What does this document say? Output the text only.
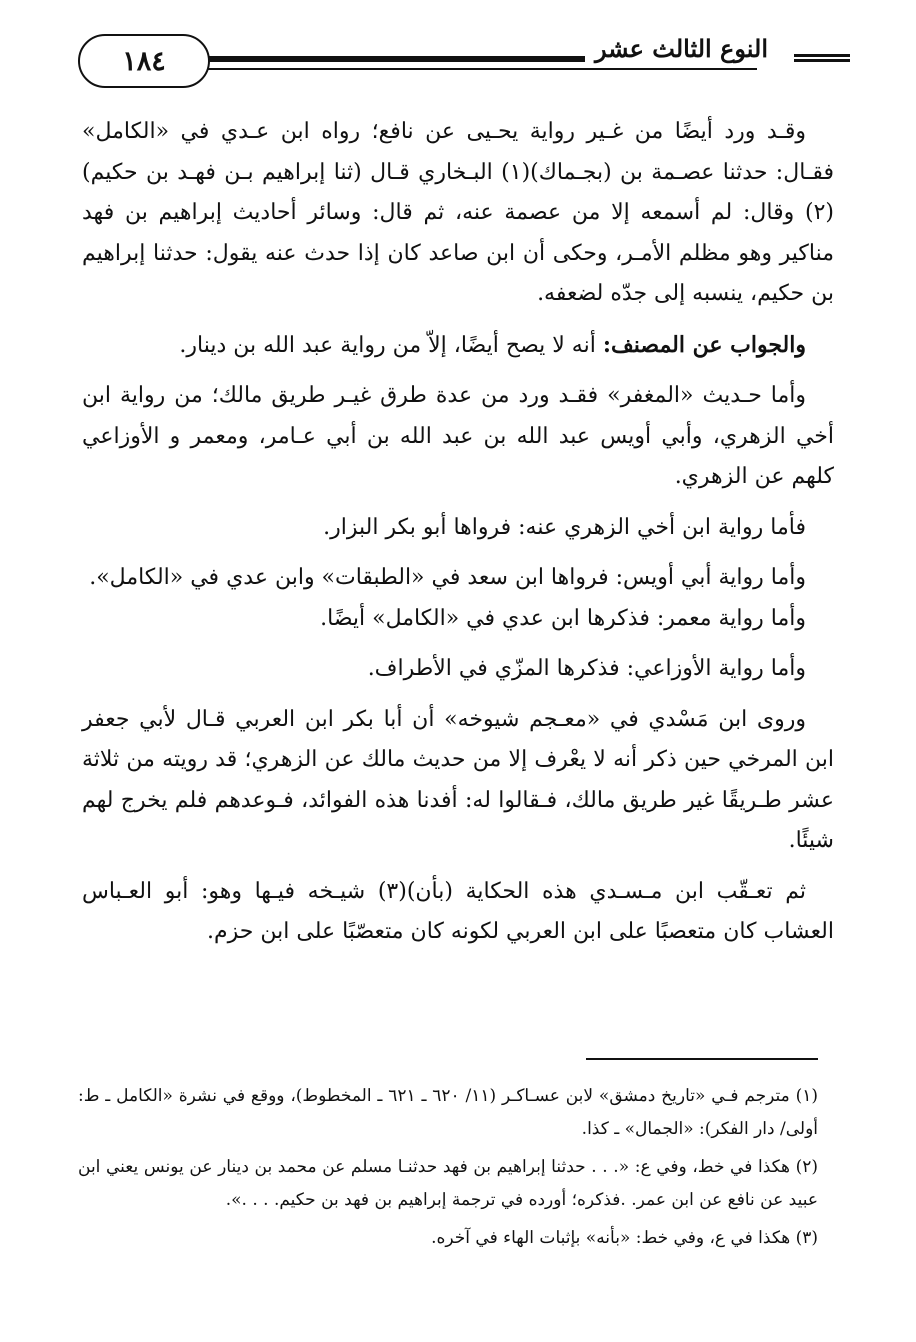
النوع الثالث عشر
١٨٤

وقـد ورد أيضًا من غـير رواية يحـيى عن نافع؛ رواه ابن عـدي في «الكامل» فقـال: حدثنا عصـمة بن (بجـماك)(١) البـخاري قـال (ثنا إبراهيم بـن فهـد بن حكيم)(٢) وقال: لم أسمعه إلا من عصمة عنه، ثم قال: وسائر أحاديث إبراهيم بن فهد مناكير وهو مظلم الأمـر، وحكى أن ابن صاعد كان إذا حدث عنه يقول: حدثنا إبراهيم بن حكيم، ينسبه إلى جدّه لضعفه.

والجواب عن المصنف: أنه لا يصح أيضًا، إلاّ من رواية عبد الله بن دينار.

وأما حـديث «المغفر» فقـد ورد من عدة طرق غيـر طريق مالك؛ من رواية ابن أخي الزهري، وأبي أويس عبد الله بن عبد الله بن أبي عـامر، ومعمر و الأوزاعي كلهم عن الزهري.

فأما رواية ابن أخي الزهري عنه: فرواها أبو بكر البزار.

وأما رواية أبي أويس: فرواها ابن سعد في «الطبقات» وابن عدي في «الكامل».

وأما رواية معمر: فذكرها ابن عدي في «الكامل» أيضًا.

وأما رواية الأوزاعي: فذكرها المزّي في الأطراف.

وروى ابن مَسْدي في «معـجم شيوخه» أن أبا بكر ابن العربي قـال لأبي جعفر ابن المرخي حين ذكر أنه لا يعْرف إلا من حديث مالك عن الزهري؛ قد رويته من ثلاثة عشر طـريقًا غير طريق مالك، فـقالوا له: أفدنا هذه الفوائد، فـوعدهم فلم يخرج لهم شيئًا.

ثم تعـقّب ابن مـسـدي هذه الحكاية (بأن)(٣) شيـخه فيـها وهو: أبو العـباس العشاب كان متعصبًا على ابن العربي لكونه كان متعصّبًا على ابن حزم.

(١) مترجم فـي «تاريخ دمشق» لابن عسـاكـر (١١/ ٦٢٠ ـ ٦٢١ ـ المخطوط)، ووقع في نشرة «الكامل ـ ط: أولى/ دار الفكر): «الجمال» ـ كذا.

(٢) هكذا في خط، وفي ع: «. . . حدثنا إبراهيم بن فهد حدثنـا مسلم عن محمد بن دينار عن يونس يعني ابن عبيد عن نافع عن ابن عمر. .فذكره؛ أورده في ترجمة إبراهيم بن فهد بن حكيم. . . .».

(٣) هكذا في ع، وفي خط: «بأنه» بإثبات الهاء في آخره.
